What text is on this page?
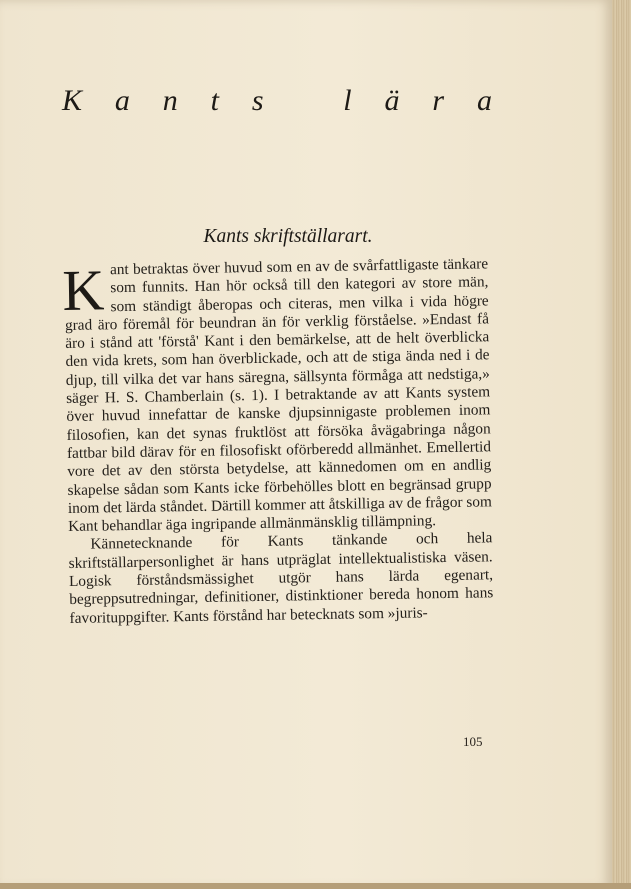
K a n t s	l ä r a
Kants skriftställarart.

K ant betraktas över huvud som en av de svårfattligaste tänkare som funnits. Han hör också till den kategori av store män, som ständigt åberopas och citeras, men vilka i vida högre grad äro föremål för beundran än för verklig förståelse. »Endast få äro i stånd att 'förstå' Kant i den bemärkelse, att de helt överblicka den vida krets, som han överblickade, och att de stiga ända ned i de djup, till vilka det var hans säregna, sällsynta förmåga att nedstiga,» säger H. S. Chamberlain (s. 1). I betraktande av att Kants system över huvud innefattar de kanske djupsinnigaste problemen inom filosofien, kan det synas fruktlöst att försöka åvägabringa någon fattbar bild därav för en filosofiskt oförberedd allmänhet. Emellertid vore det av den största betydelse, att kännedomen om en andlig skapelse sådan som Kants icke förbehölles blott en begränsad grupp inom det lärda ståndet. Därtill kommer att åtskilliga av de frågor som Kant behandlar äga ingripande allmänmänsklig tillämpning.

Kännetecknande för Kants tänkande och hela skriftställarpersonlighet är hans utpräglat intellektualistiska väsen. Logisk förståndsmässighet utgör hans lärda egenart, begreppsutredningar, definitioner, distinktioner bereda honom hans favorituppgifter. Kants förstånd har betecknats som »juris-

105
